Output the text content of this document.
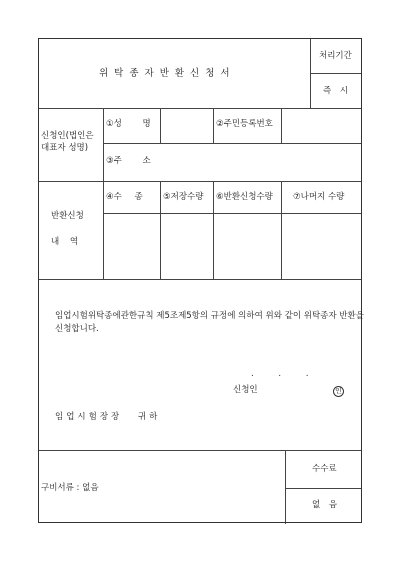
위탁종자반환신청서
처리기간
즉 시
신청인(법인은
대표자 성명)
①성 명	②주민등록번호
③주 소
반환신청
내 역
④수 종 ⑤저장수량 ⑥반환신청수량 ⑦나머지 수량
임업시험위탁종에관한규칙 제5조제5항의 규정에 의하여 위와 같이 위탁종자 반환을 신청합니다.
. . .
신청인	인
임업시험장장 귀하
구비서류 : 없음
수수료
없 음
